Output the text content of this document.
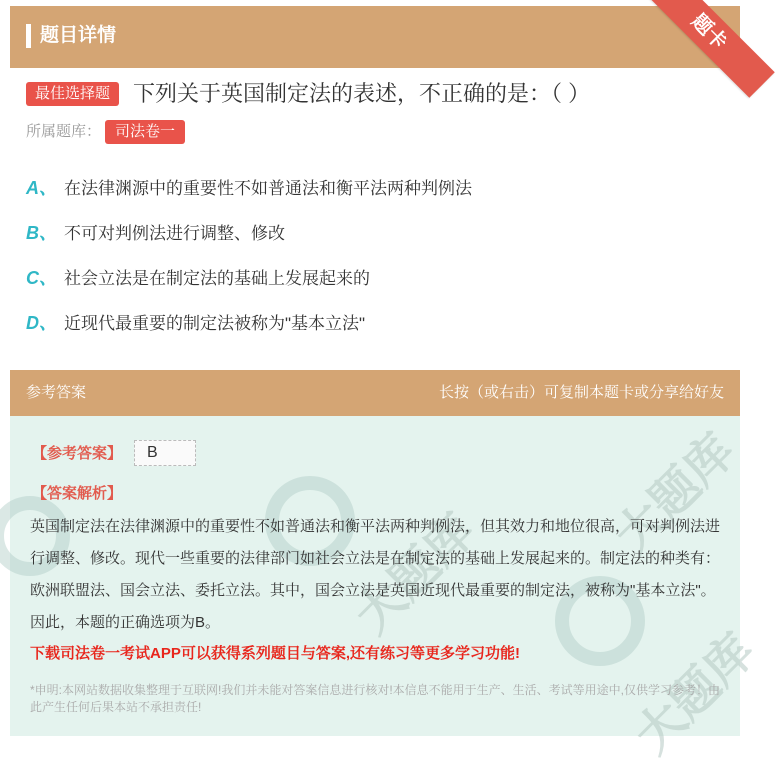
题目详情	题卡
最佳选择题	下列关于英国制定法的表述，不正确的是：（ ）
所属题库： 司法卷一
A、 在法律渊源中的重要性不如普通法和衡平法两种判例法
B、 不可对判例法进行调整、修改
C、 社会立法是在制定法的基础上发展起来的
D、 近现代最重要的制定法被称为"基本立法"
参考答案	长按（或右击）可复制本题卡或分享给好友
大题库
大题库
大题库
【参考答案】	B
【答案解析】
英国制定法在法律渊源中的重要性不如普通法和衡平法两种判例法，但其效力和地位很高，可对判例法进行调整、修改。现代一些重要的法律部门如社会立法是在制定法的基础上发展起来的。制定法的种类有：欧洲联盟法、国会立法、委托立法。其中，国会立法是英国近现代最重要的制定法，被称为"基本立法"。因此，本题的正确选项为B。
下载司法卷一考试APP可以获得系列题目与答案,还有练习等更多学习功能!
*申明:本网站数据收集整理于互联网!我们并未能对答案信息进行核对!本信息不能用于生产、生活、考试等用途中,仅供学习参考！由此产生任何后果本站不承担责任!
